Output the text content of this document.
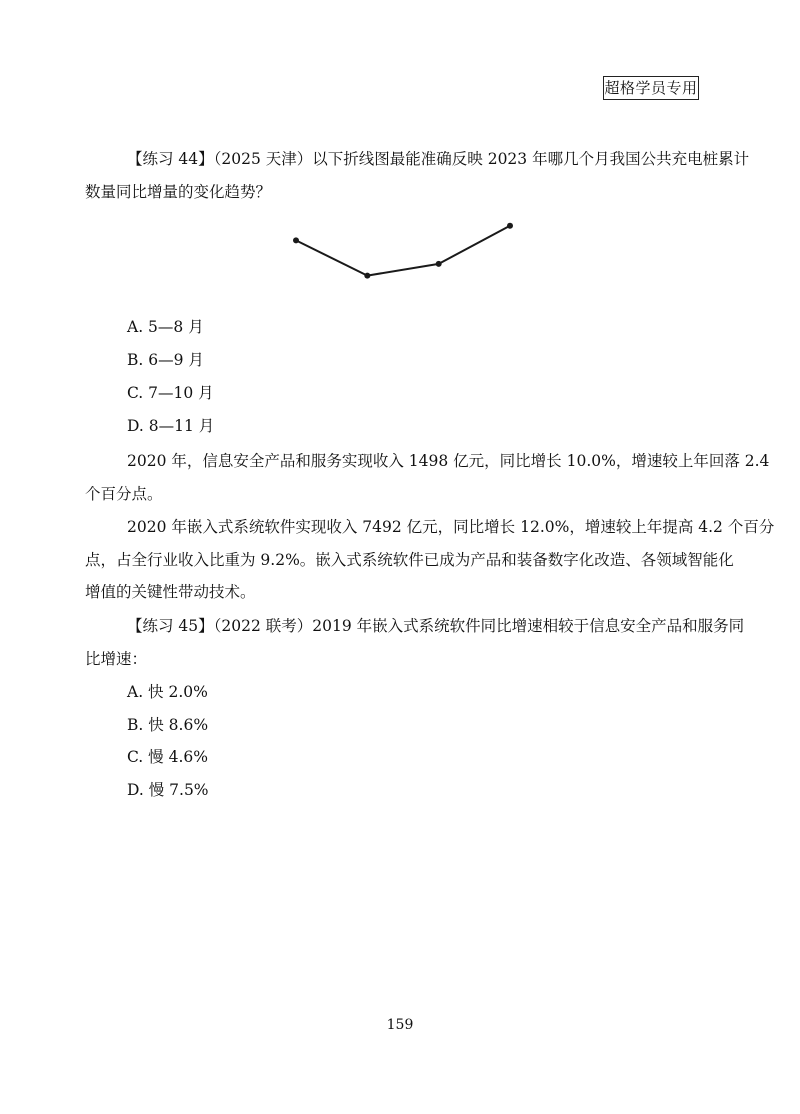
超格学员专用
【练习 44】（2025 天津）以下折线图最能准确反映 2023 年哪几个月我国公共充电桩累计
数量同比增量的变化趋势？
A. 5—8 月
B. 6—9 月
C. 7—10 月
D. 8—11 月
2020 年，信息安全产品和服务实现收入 1498 亿元，同比增长 10.0%，增速较上年回落 2.4
个百分点。
2020 年嵌入式系统软件实现收入 7492 亿元，同比增长 12.0%，增速较上年提高 4.2 个百分
点，占全行业收入比重为 9.2%。嵌入式系统软件已成为产品和装备数字化改造、各领域智能化
增值的关键性带动技术。
【练习 45】（2022 联考）2019 年嵌入式系统软件同比增速相较于信息安全产品和服务同
比增速：
A. 快 2.0%
B. 快 8.6%
C. 慢 4.6%
D. 慢 7.5%
159
